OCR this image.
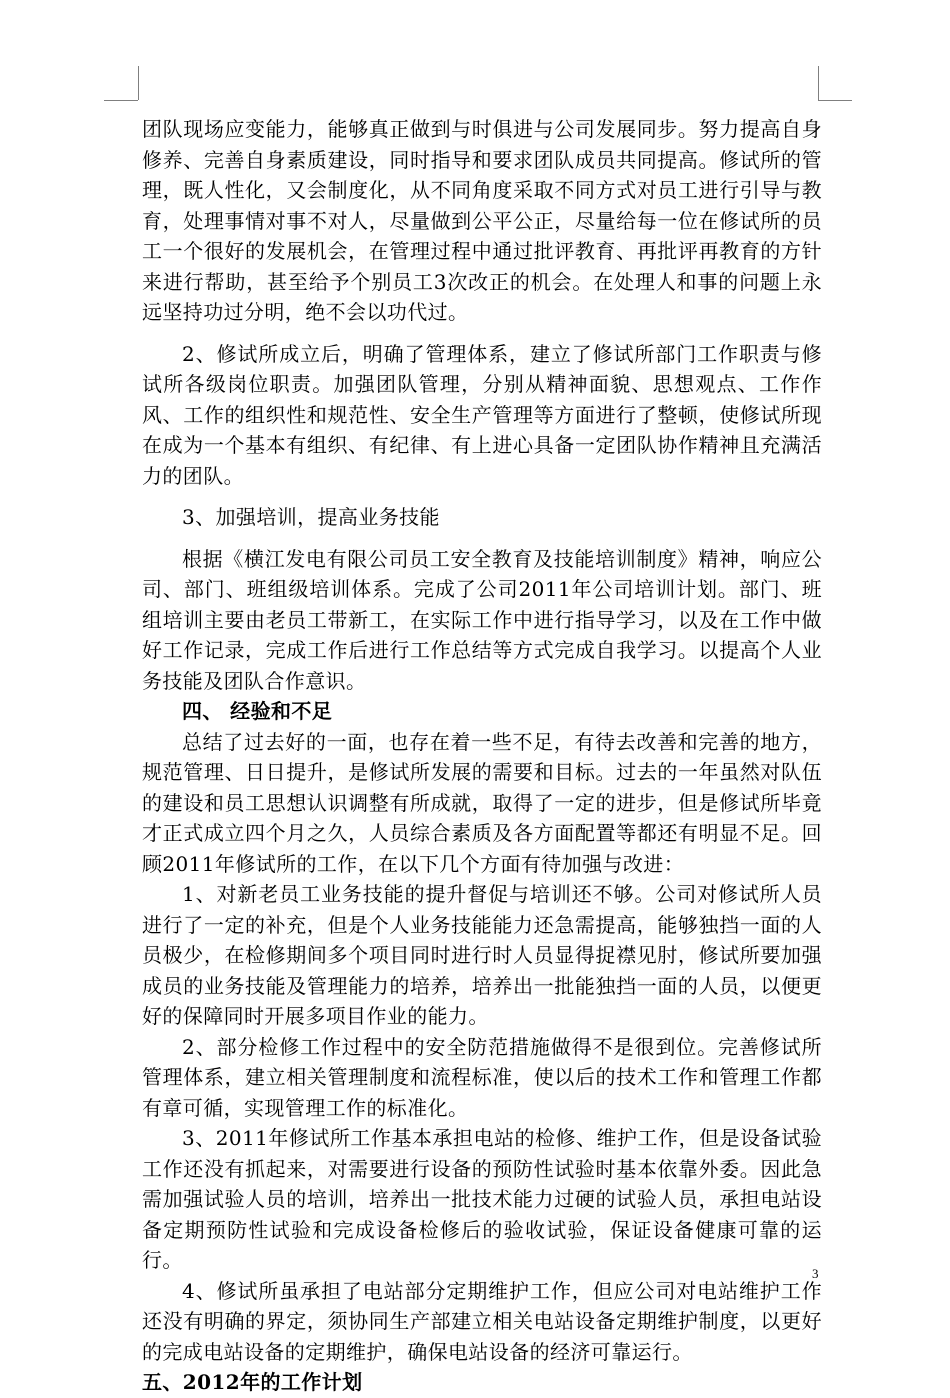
团队现场应变能力，能够真正做到与时俱进与公司发展同步。努力提高自身修养、完善自身素质建设，同时指导和要求团队成员共同提高。修试所的管理，既人性化，又会制度化，从不同角度采取不同方式对员工进行引导与教育，处理事情对事不对人，尽量做到公平公正，尽量给每一位在修试所的员工一个很好的发展机会，在管理过程中通过批评教育、再批评再教育的方针来进行帮助，甚至给予个别员工3次改正的机会。在处理人和事的问题上永远坚持功过分明，绝不会以功代过。

2、修试所成立后，明确了管理体系，建立了修试所部门工作职责与修试所各级岗位职责。加强团队管理，分别从精神面貌、思想观点、工作作风、工作的组织性和规范性、安全生产管理等方面进行了整顿，使修试所现在成为一个基本有组织、有纪律、有上进心具备一定团队协作精神且充满活力的团队。

3、加强培训，提高业务技能

根据《横江发电有限公司员工安全教育及技能培训制度》精神，响应公司、部门、班组级培训体系。完成了公司2011年公司培训计划。部门、班组培训主要由老员工带新工，在实际工作中进行指导学习，以及在工作中做好工作记录，完成工作后进行工作总结等方式完成自我学习。以提高个人业务技能及团队合作意识。

四、 经验和不足

总结了过去好的一面，也存在着一些不足，有待去改善和完善的地方，规范管理、日日提升，是修试所发展的需要和目标。过去的一年虽然对队伍的建设和员工思想认识调整有所成就，取得了一定的进步，但是修试所毕竟才正式成立四个月之久，人员综合素质及各方面配置等都还有明显不足。回顾2011年修试所的工作，在以下几个方面有待加强与改进：

1、对新老员工业务技能的提升督促与培训还不够。公司对修试所人员进行了一定的补充，但是个人业务技能能力还急需提高，能够独挡一面的人员极少，在检修期间多个项目同时进行时人员显得捉襟见肘，修试所要加强成员的业务技能及管理能力的培养，培养出一批能独挡一面的人员，以便更好的保障同时开展多项目作业的能力。

2、部分检修工作过程中的安全防范措施做得不是很到位。完善修试所管理体系，建立相关管理制度和流程标准，使以后的技术工作和管理工作都有章可循，实现管理工作的标准化。

3、2011年修试所工作基本承担电站的检修、维护工作，但是设备试验工作还没有抓起来，对需要进行设备的预防性试验时基本依靠外委。因此急需加强试验人员的培训，培养出一批技术能力过硬的试验人员，承担电站设备定期预防性试验和完成设备检修后的验收试验，保证设备健康可靠的运行。

4、修试所虽承担了电站部分定期维护工作，但应公司对电站维护工作还没有明确的界定，须协同生产部建立相关电站设备定期维护制度，以更好的完成电站设备的定期维护，确保电站设备的经济可靠运行。

五、2012年的工作计划
3
